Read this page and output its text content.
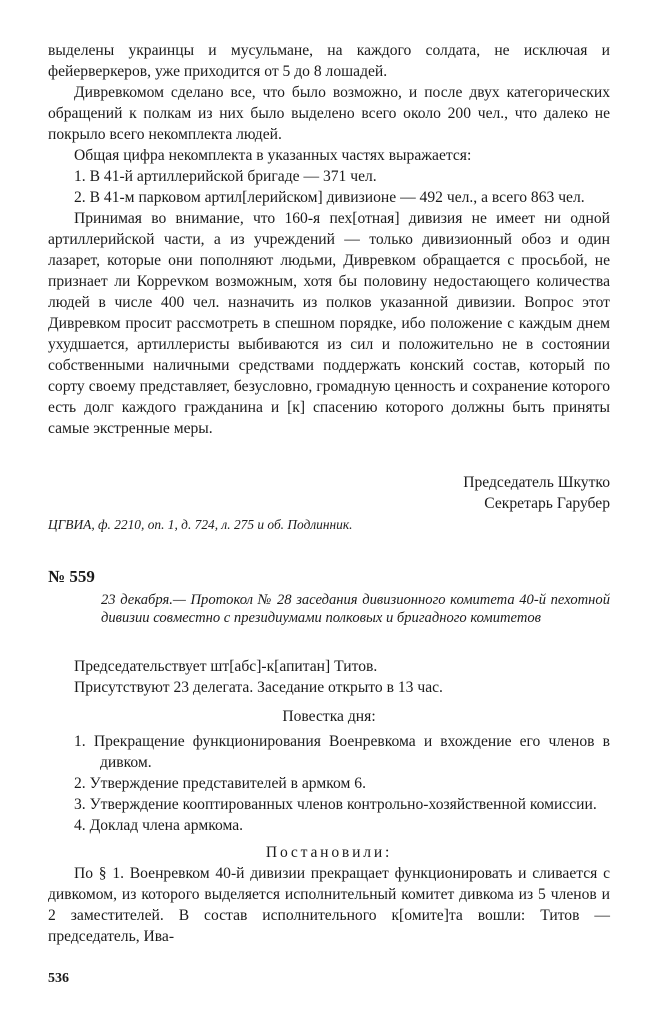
выделены украинцы и мусульмане, на каждого солдата, не исключая и фейерверкеров, уже приходится от 5 до 8 лошадей.

Дивревкомом сделано все, что было возможно, и после двух категорических обращений к полкам из них было выделено всего около 200 чел., что далеко не покрыло всего некомплекта людей.

Общая цифра некомплекта в указанных частях выражается:

1. В 41-й артиллерийской бригаде — 371 чел.

2. В 41-м парковом артил[лерийском] дивизионе — 492 чел., а всего 863 чел.

Принимая во внимание, что 160-я пех[отная] дивизия не имеет ни одной артиллерийской части, а из учреждений — только дивизионный обоз и один лазарет, которые они пополняют людьми, Дивревком обращается с просьбой, не признает ли Коррevком возможным, хотя бы половину недостающего количества людей в числе 400 чел. назначить из полков указанной дивизии. Вопрос этот Дивревком просит рассмотреть в спешном порядке, ибо положение с каждым днем ухудшается, артиллеристы выбиваются из сил и положительно не в состоянии собственными наличными средствами поддержать конский состав, который по сорту своему представляет, безусловно, громадную ценность и сохранение которого есть долг каждого гражданина и [к] спасению которого должны быть приняты самые экстренные меры.

Председатель Шкутко

Секретарь Гарубер

ЦГВИА, ф. 2210, оп. 1, д. 724, л. 275 и об. Подлинник.

№ 559
23 декабря.— Протокол № 28 заседания дивизионного комитета 40-й пехотной дивизии совместно с президиумами полковых и бригадного комитетов

Председательствует шт[абс]-к[апитан] Титов.

Присутствуют 23 делегата. Заседание открыто в 13 час.

Повестка дня:

1. Прекращение функционирования Военревкома и вхождение его членов в дивком.

2. Утверждение представителей в армком 6.

3. Утверждение кооптированных членов контрольно-хозяйственной комиссии.

4. Доклад члена армкома.

Постановили:

По § 1. Военревком 40-й дивизии прекращает функционировать и сливается с дивкомом, из которого выделяется исполнительный комитет дивкома из 5 членов и 2 заместителей. В состав исполнительного к[омите]та вошли: Титов — председатель, Ива-

536
